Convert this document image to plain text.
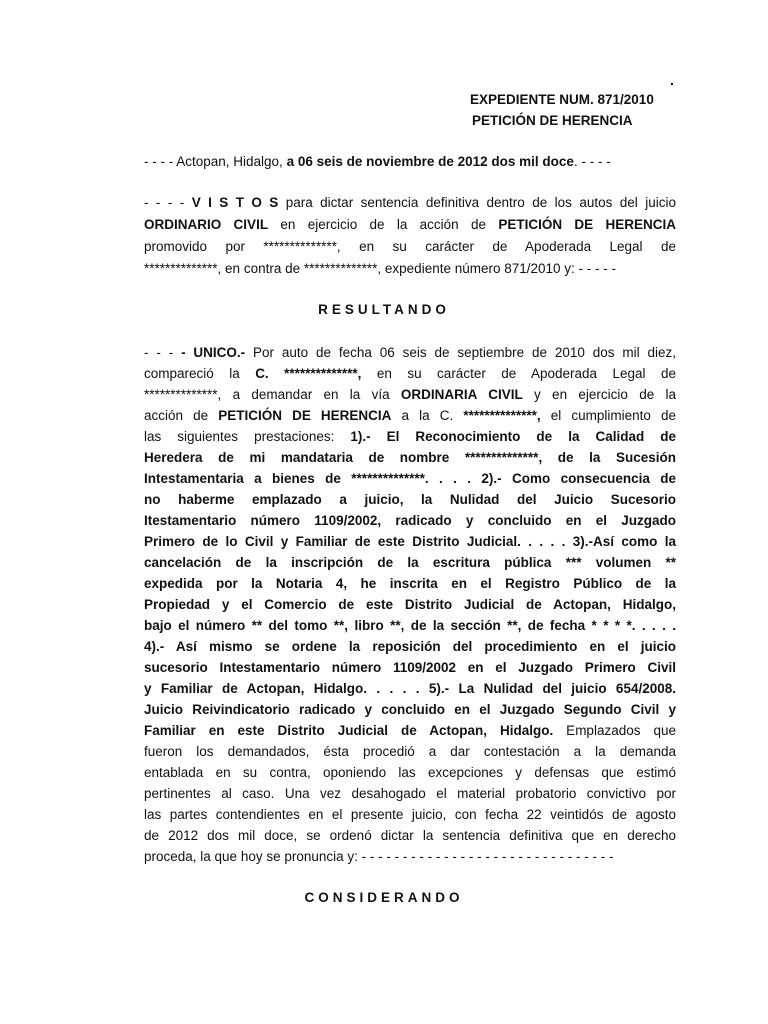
.
EXPEDIENTE NUM. 871/2010
PETICIÓN DE HERENCIA
- - - - Actopan, Hidalgo, a 06 seis de noviembre de 2012 dos mil doce. - - - -
- - - - V I S T O S para dictar sentencia definitiva dentro de los autos del juicio
ORDINARIO CIVIL en ejercicio de la acción de PETICIÓN DE HERENCIA
promovido por **************, en su carácter de Apoderada Legal de
**************, en contra de **************, expediente número 871/2010 y: - - - - -
RESULTANDO
- - - - UNICO.- Por auto de fecha 06 seis de septiembre de 2010 dos mil diez,
compareció la C. **************, en su carácter de Apoderada Legal de
**************, a demandar en la vía ORDINARIA CIVIL y en ejercicio de la
acción de PETICIÓN DE HERENCIA a la C. **************, el cumplimiento de
las siguientes prestaciones: 1).- El Reconocimiento de la Calidad de
Heredera de mi mandataria de nombre **************, de la Sucesión
Intestamentaria a bienes de **************. . . . 2).- Como consecuencia de
no haberme emplazado a juicio, la Nulidad del Juicio Sucesorio
Itestamentario número 1109/2002, radicado y concluido en el Juzgado
Primero de lo Civil y Familiar de este Distrito Judicial. . . . . 3).-Así como la
cancelación de la inscripción de la escritura pública *** volumen **
expedida por la Notaria 4, he inscrita en el Registro Público de la
Propiedad y el Comercio de este Distrito Judicial de Actopan, Hidalgo,
bajo el número ** del tomo **, libro **, de la sección **, de fecha * * * *. . . . .
4).- Así mismo se ordene la reposición del procedimiento en el juicio
sucesorio Intestamentario número 1109/2002 en el Juzgado Primero Civil
y Familiar de Actopan, Hidalgo. . . . . 5).- La Nulidad del juicio 654/2008.
Juicio Reivindicatorio radicado y concluido en el Juzgado Segundo Civil y
Familiar en este Distrito Judicial de Actopan, Hidalgo. Emplazados que
fueron los demandados, ésta procedió a dar contestación a la demanda
entablada en su contra, oponiendo las excepciones y defensas que estimó
pertinentes al caso. Una vez desahogado el material probatorio convictivo por
las partes contendientes en el presente juicio, con fecha 22 veintidós de agosto
de 2012 dos mil doce, se ordenó dictar la sentencia definitiva que en derecho
proceda, la que hoy se pronuncia y: - - - - - - - - - - - - - - - - - - - - - - - - - - - - - - -
CONSIDERANDO
